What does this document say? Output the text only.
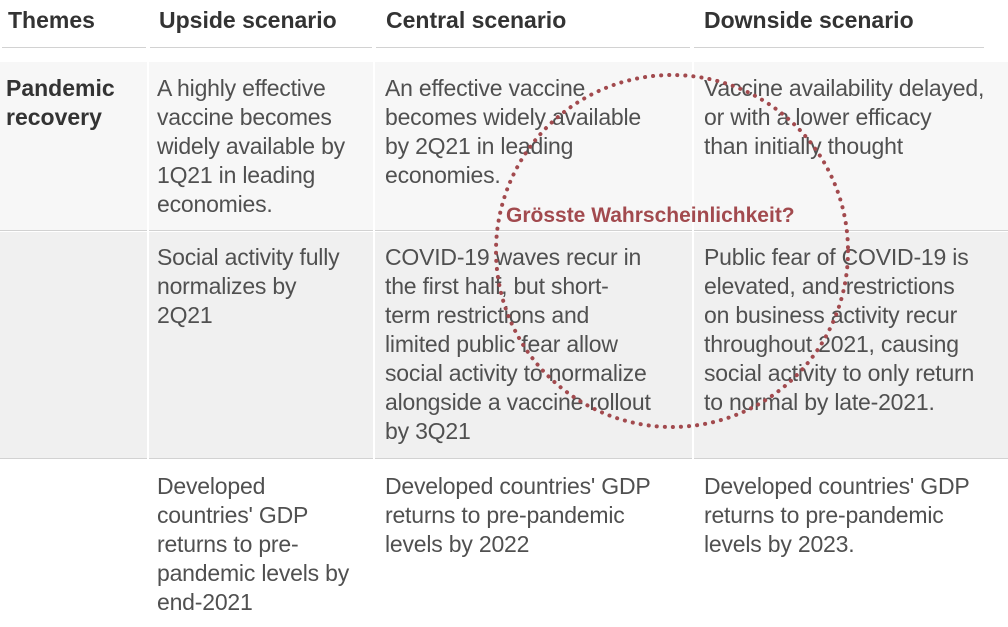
Themes	Upside scenario Central scenario	Downside scenario
Pandemic
recovery
A highly effective
vaccine becomes
widely available by
1Q21 in leading
economies.
An effective vaccine
becomes widely available
by 2Q21 in leading
economies.
Vaccine availability delayed,
or with a lower efficacy
than initially thought
Social activity fully
normalizes by
2Q21
COVID-19 waves recur in
the first half, but short-
term restrictions and
limited public fear allow
social activity to normalize
alongside a vaccine rollout
by 3Q21
Public fear of COVID-19 is
elevated, and restrictions
on business activity recur
throughout 2021, causing
social activity to only return
to normal by late-2021.
Developed
countries' GDP
returns to pre-
pandemic levels by
end-2021
Developed countries' GDP
returns to pre-pandemic
levels by 2022
Developed countries' GDP
returns to pre-pandemic
levels by 2023.
Grösste Wahrscheinlichkeit?
